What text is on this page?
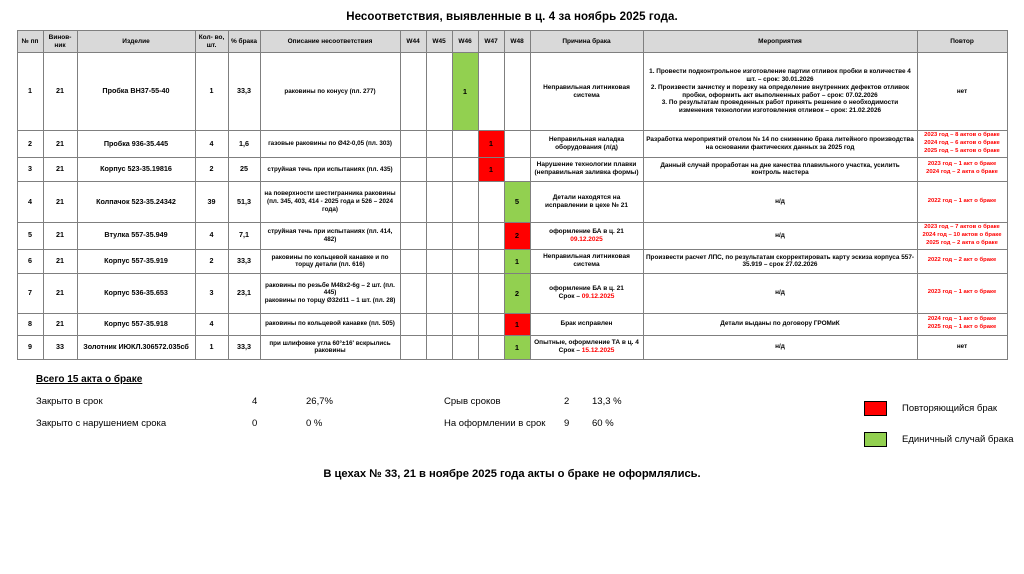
Несоответствия, выявленные в ц. 4 за ноябрь 2025 года.
№ пп	Винов-
ник	Изделие	Кол- во,
шт.	% брака	Описание несоответствия	W44	W45	W46	W47	W48	Причина брака	Мероприятия	Повтор
1	21	Пробка ВН37-55-40	1	33,3	раковины по конусу (пл. 277)			1			Неправильная литниковая система	1. Провести подконтрольное изготовление партии отливок пробки в количестве 4 шт. – срок: 30.01.2026
2. Произвести зачистку и порезку на определение внутренних дефектов отливок пробки, оформить акт выполненных работ – срок: 07.02.2026
3. По результатам проведенных работ принять решение о необходимости изменения технологии изготовления отливок – срок: 21.02.2026	нет

2	21	Пробка 936-35.445	4	1,6	газовые раковины по Ø42-0,05 (пл. 303)				1		Неправильная наладка оборудования (л/д)	Разработка мероприятий отелом № 14 по снижению брака литейного производства на основании фактических данных за 2025 год	2023 год – 8 актов о браке
2024 год – 6 актов о браке
2025 год – 5 актов о браке

3	21	Корпус 523-35.19816	2	25	струйная течь при испытаниях (пл. 435)				1		Нарушение технологии плавки (неправильная заливка формы)	Данный случай проработан на дне качества плавильного участка, усилить контроль мастера	2023 год – 1 акт о браке
2024 год – 2 акта о браке

4	21	Колпачок 523-35.24342	39	51,3	на поверхности шестигранника раковины
(пл. 345, 403, 414 - 2025 года и 526 – 2024 года)					5	Детали находятся на исправлении в цехе № 21	н/д	2022 год – 1 акт о браке

5	21	Втулка 557-35.949	4	7,1	струйная течь при испытаниях (пл. 414, 482)					2	оформление БА в ц. 21
09.12.2025	н/д	2023 год – 7 актов о браке
2024 год – 10 актов о браке
2025 год – 2 акта о браке

6	21	Корпус 557-35.919	2	33,3	раковины по кольцевой канавке и по торцу детали (пл. 616)					1	Неправильная литниковая система	Произвести расчет ЛПС, по результатам скорректировать карту эскиза корпуса 557-35.919 – срок 27.02.2026	2022 год – 2 акт о браке

7	21	Корпус 536-35.653	3	23,1	раковины по резьбе М48х2-6g – 2 шт. (пл. 445)
раковины по торцу Ø32d11 – 1 шт. (пл. 28)					2	оформление БА в ц. 21
Срок – 09.12.2025	н/д	2023 год – 1 акт о браке

8	21	Корпус 557-35.918	4		раковины по кольцевой канавке (пл. 505)					1	Брак исправлен	Детали выданы по договору ГРОМиК	2024 год – 1 акт о браке
2025 год – 1 акт о браке

9	33	Золотник ИЮКЛ.306572.035сб	1	33,3	при шлифовке угла 60°±16' вскрылись раковины					1	Опытные, оформление ТА в ц. 4
Срок – 15.12.2025	н/д	нет
Всего 15 акта о браке
Закрыто в срок	4	26,7%	Срыв сроков	2 13,3 %
Закрыто с нарушением срока	0	0 %	На оформлении в срок 9 60 %
Повторяющийся брак
Единичный случай брака
В цехах № 33, 21 в ноябре 2025 года акты о браке не оформлялись.
